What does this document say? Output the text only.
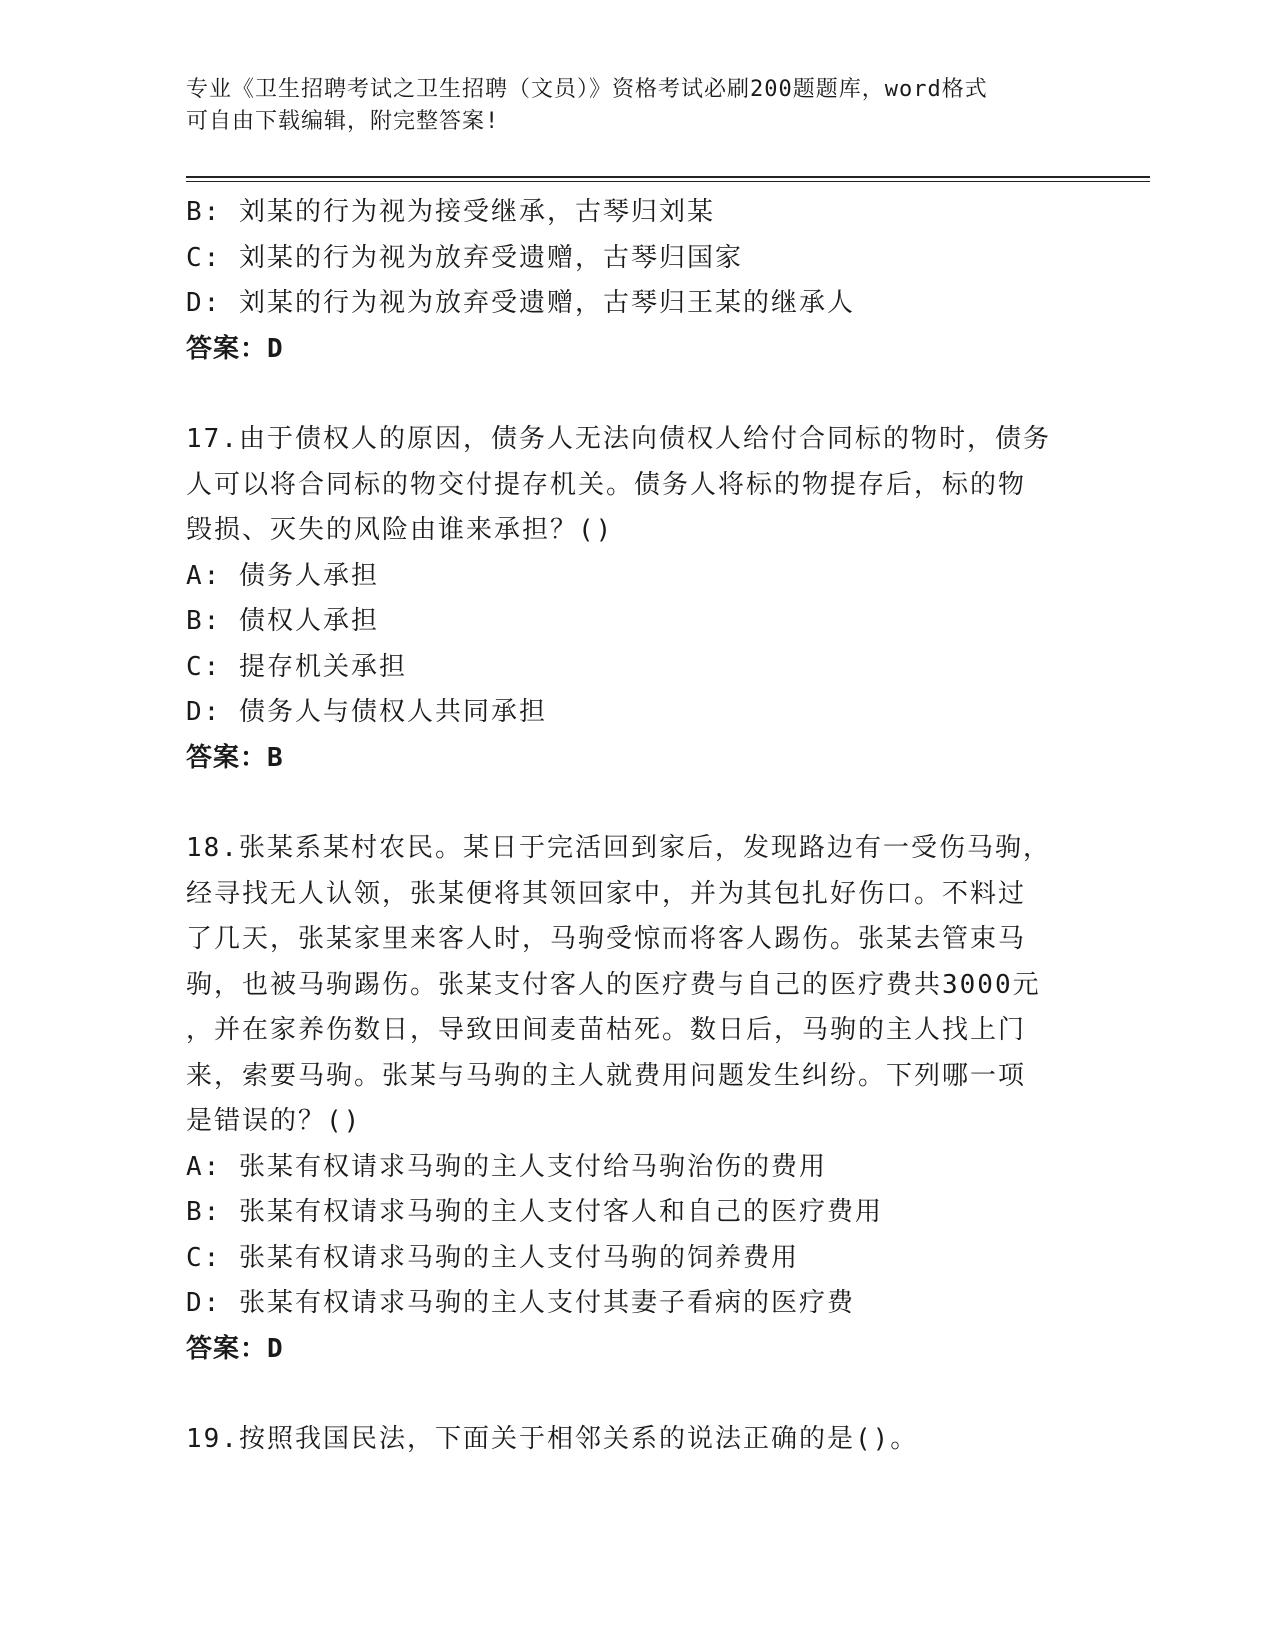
专业《卫生招聘考试之卫生招聘（文员）》资格考试必刷200题题库，word格式
可自由下载编辑，附完整答案!

B: 刘某的行为视为接受继承，古琴归刘某

C: 刘某的行为视为放弃受遗赠，古琴归国家

D: 刘某的行为视为放弃受遗赠，古琴归王某的继承人

答案：D

17.由于债权人的原因，债务人无法向债权人给付合同标的物时，债务

人可以将合同标的物交付提存机关。债务人将标的物提存后，标的物

毁损、灭失的风险由谁来承担？()

A: 债务人承担

B: 债权人承担

C: 提存机关承担

D: 债务人与债权人共同承担

答案：B

18.张某系某村农民。某日于完活回到家后，发现路边有一受伤马驹，

经寻找无人认领，张某便将其领回家中，并为其包扎好伤口。不料过

了几天，张某家里来客人时，马驹受惊而将客人踢伤。张某去管束马

驹，也被马驹踢伤。张某支付客人的医疗费与自己的医疗费共3000元

，并在家养伤数日，导致田间麦苗枯死。数日后，马驹的主人找上门

来，索要马驹。张某与马驹的主人就费用问题发生纠纷。下列哪一项

是错误的？()

A: 张某有权请求马驹的主人支付给马驹治伤的费用

B: 张某有权请求马驹的主人支付客人和自己的医疗费用

C: 张某有权请求马驹的主人支付马驹的饲养费用

D: 张某有权请求马驹的主人支付其妻子看病的医疗费

答案：D

19.按照我国民法，下面关于相邻关系的说法正确的是()。
